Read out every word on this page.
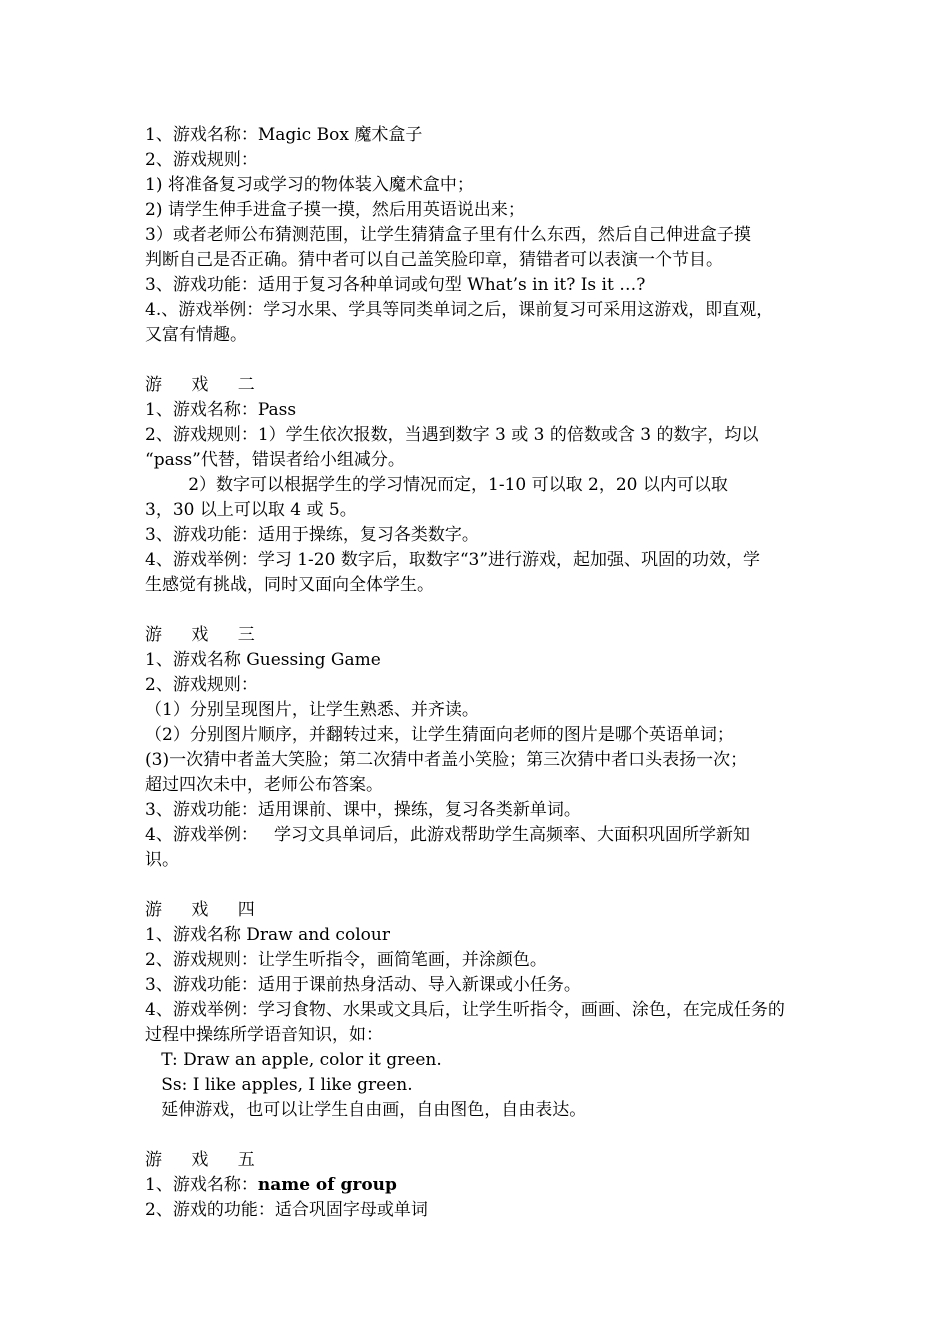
1、游戏名称：Magic Box 魔术盒子
2、游戏规则：
1) 将准备复习或学习的物体装入魔术盒中；
2) 请学生伸手进盒子摸一摸，然后用英语说出来；
3）或者老师公布猜测范围，让学生猜猜盒子里有什么东西，然后自己伸进盒子摸
判断自己是否正确。猜中者可以自己盖笑脸印章，猜错者可以表演一个节目。
3、游戏功能：适用于复习各种单词或句型 What’s in it? Is it …?
4.、游戏举例：学习水果、学具等同类单词之后，课前复习可采用这游戏，即直观，
又富有情趣。
游 戏 二
1、游戏名称：Pass
2、游戏规则：1）学生依次报数，当遇到数字 3 或 3 的倍数或含 3 的数字，均以
“pass”代替，错误者给小组减分。
2）数字可以根据学生的学习情况而定，1-10 可以取 2，20 以内可以取
3，30 以上可以取 4 或 5。
3、游戏功能：适用于操练，复习各类数字。
4、游戏举例：学习 1-20 数字后，取数字“3”进行游戏，起加强、巩固的功效，学
生感觉有挑战，同时又面向全体学生。
游 戏 三
1、游戏名称 Guessing Game
2、游戏规则：
（1）分别呈现图片，让学生熟悉、并齐读。
（2）分别图片顺序，并翻转过来，让学生猜面向老师的图片是哪个英语单词；
(3)一次猜中者盖大笑脸；第二次猜中者盖小笑脸；第三次猜中者口头表扬一次；
超过四次未中，老师公布答案。
3、游戏功能：适用课前、课中，操练，复习各类新单词。
4、游戏举例：   学习文具单词后，此游戏帮助学生高频率、大面积巩固所学新知
识。
游 戏 四
1、游戏名称 Draw and colour
2、游戏规则：让学生听指令，画简笔画，并涂颜色。
3、游戏功能：适用于课前热身活动、导入新课或小任务。
4、游戏举例：学习食物、水果或文具后，让学生听指令，画画、涂色，在完成任务的
过程中操练所学语音知识，如：
T: Draw an apple, color it green.
Ss: I like apples, I like green.
延伸游戏，也可以让学生自由画，自由图色，自由表达。
游 戏 五
1、游戏名称：name of group
2、游戏的功能：适合巩固字母或单词
